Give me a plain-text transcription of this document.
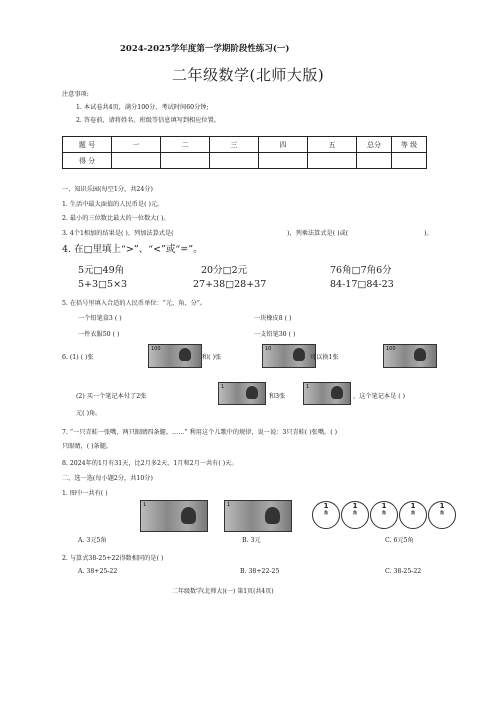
2024-2025学年度第一学期阶段性练习(一)
二年级数学(北师大版)
注意事项:
1. 本试卷共4页，满分100分，考试时间60分钟;
2. 答卷前，请将姓名、班级等信息填写到相应位置。
题 号	一	二	三	四	五	总分	等 级
得 分							
一、知识乐园(每空1分，共24分)
1. 生活中最大面值的人民币是( )元。
2. 最小的三位数比最大的一位数大( )。
3. 4个1相加的结果是( )，列加法算式是(	)，列乘法算式是( )或(	)。
4. 在□里填上“>”、“<”或“=”。
5元□49角	20分□2元	76角□7角6分
5+3□5×3	27+38□28+37	84-17□84-23
5. 在括号里填入合适的人民币单位：“元、角、分”。
一个铅笔盒3 ( )	一块橡皮8 ( )
一件衣服50 ( )	一支铅笔30 ( )
6. (1) ( )张
100
和( )张
10
可以换1张
100
(2) 买一个笔记本付了2张
1
和3张
1
，这个笔记本是 ( )
元( )角。
7. “一只青蛙一张嘴，两只眼睛四条腿。……” 利用这个儿歌中的规律，说一说：3只青蛙( )张嘴，( )
只眼睛，( )条腿。
8. 2024年的1月有31天，比2月多2天，1月和2月一共有( )天。
二、选一选(每小题2分，共10分)
1. 图中一共有( )
1	1	1
角
1
角
1
角
1
角
1
角
A. 3元5角	B. 3元	C. 6元5角
2. 与算式38-25+22得数相同的是( )
A. 38+25-22	B. 38+22-25	C. 38-25-22
二年级数学(北师大)(一) 第1页(共4页)
